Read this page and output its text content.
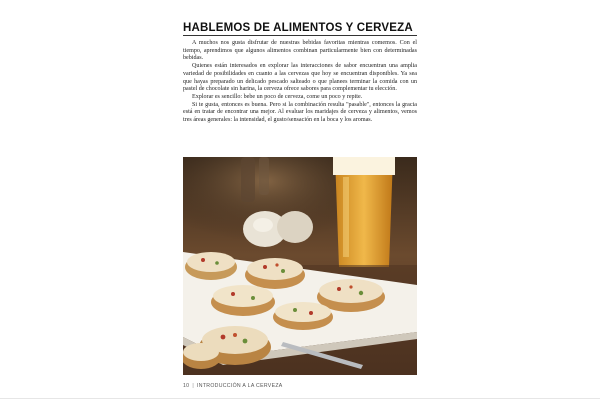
HABLEMOS DE ALIMENTOS Y CERVEZA

A muchos nos gusta disfrutar de nuestras bebidas favoritas mientras comemos. Con el tiempo, aprendimos que algunos alimentos combinan particularmente bien con determinadas bebidas.

Quienes están interesados en explorar las interacciones de sabor encuentran una amplia variedad de posibilidades en cuanto a las cervezas que hoy se encuentran disponibles. Ya sea que hayas preparado un delicado pescado salteado o que planees terminar la comida con un pastel de chocolate sin harina, la cerveza ofrece sabores para complementar tu elección.

Explorar es sencillo: bebe un poco de cerveza, come un poco y repite.

Si te gusta, entonces es buena. Pero si la combinación resulta "pasable", entonces la gracia está en tratar de encontrar una mejor. Al evaluar los maridajes de cerveza y alimentos, vemos tres áreas generales: la intensidad, el gusto/sensación en la boca y los aromas.

10 | INTRODUCCIÓN A LA CERVEZA
